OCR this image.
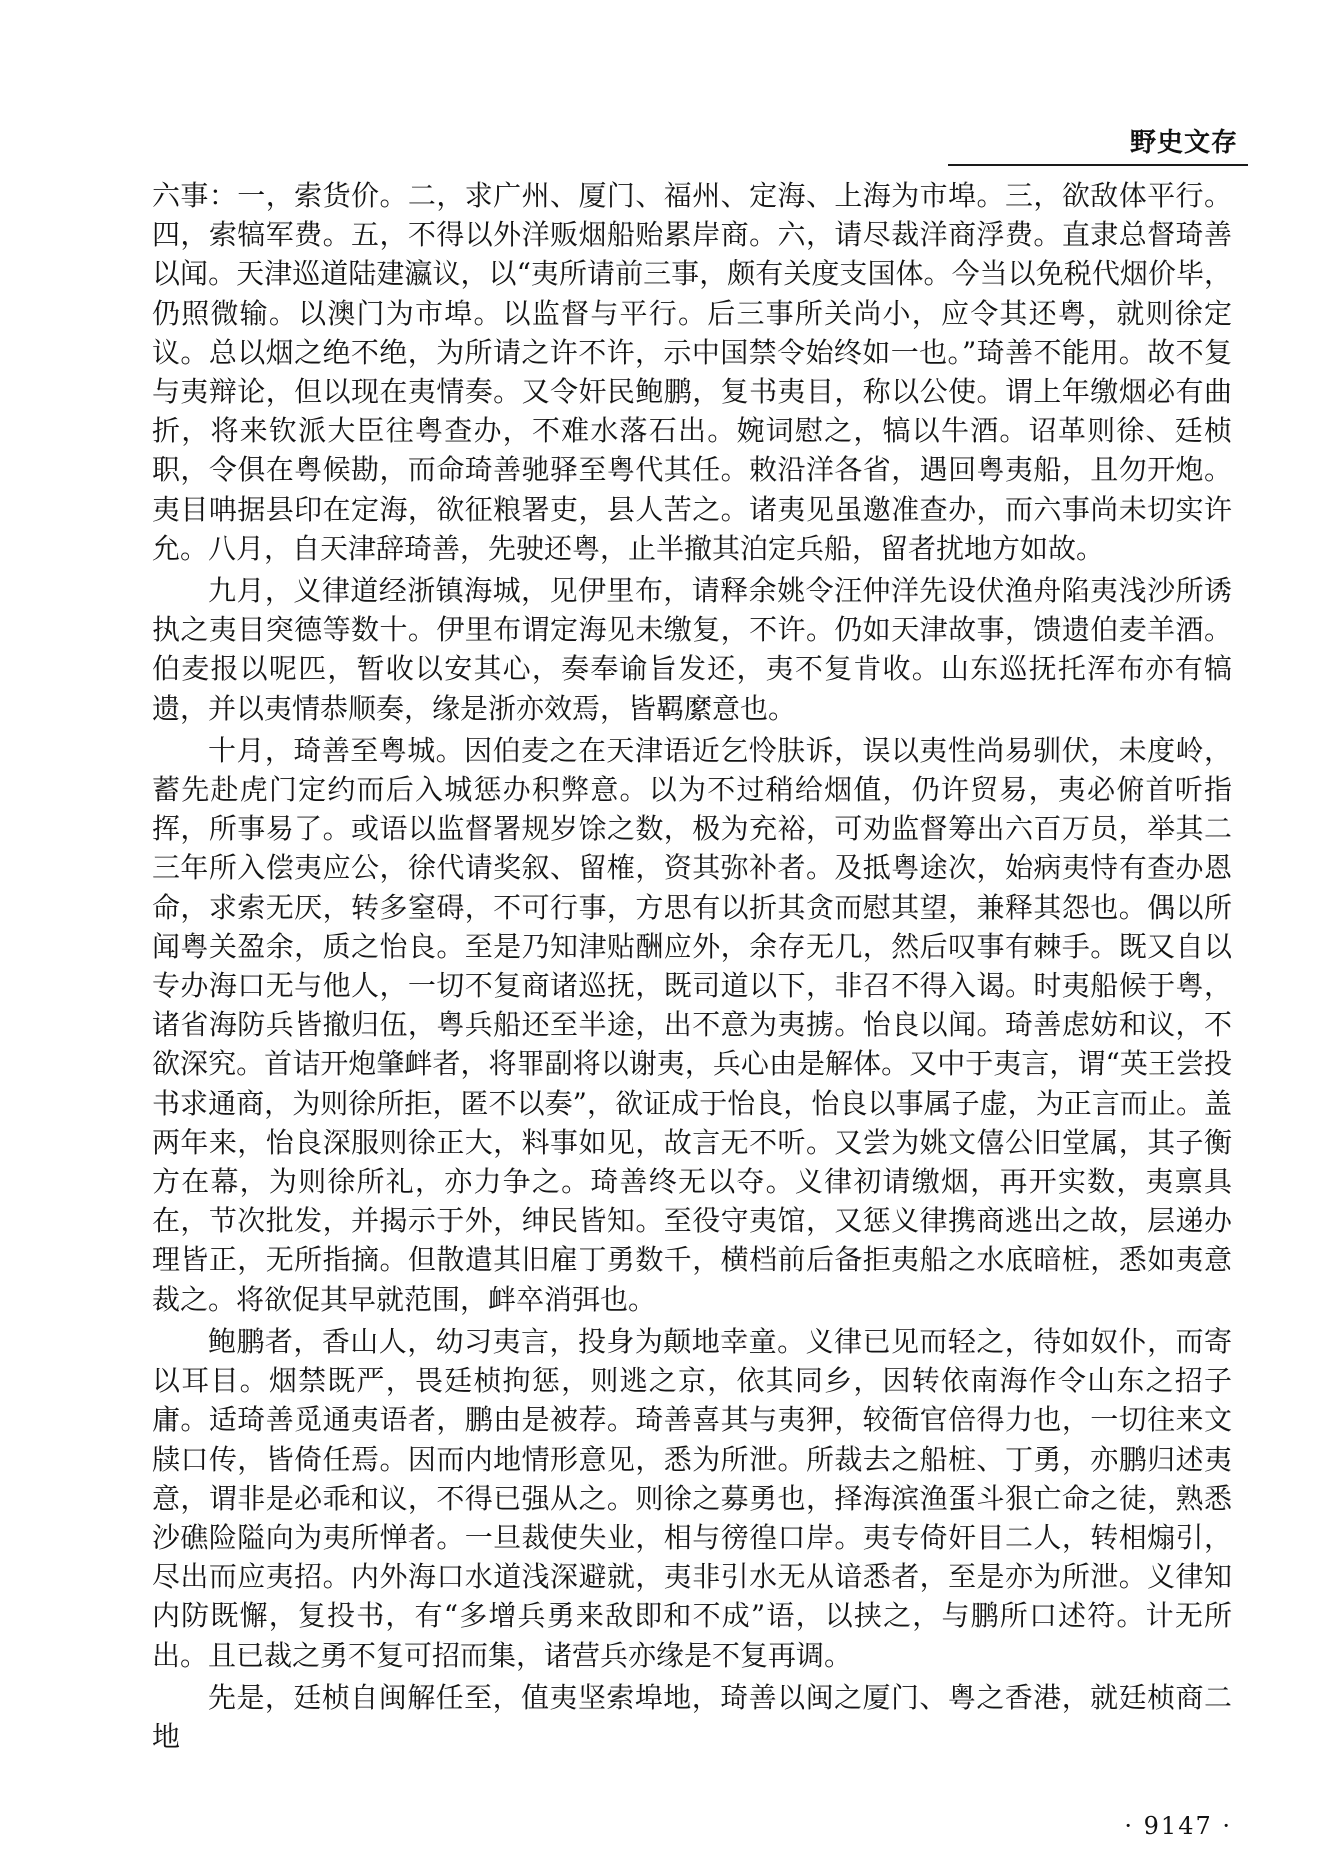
野史文存

六事：一，索货价。二，求广州、厦门、福州、定海、上海为市埠。三，欲敌体平行。四，索犒军费。五，不得以外洋贩烟船贻累岸商。六，请尽裁洋商浮费。直隶总督琦善以闻。天津巡道陆建瀛议，以“夷所请前三事，颇有关度支国体。今当以免税代烟价毕，仍照微输。以澳门为市埠。以监督与平行。后三事所关尚小，应令其还粤，就则徐定议。总以烟之绝不绝，为所请之许不许，示中国禁令始终如一也。”琦善不能用。故不复与夷辩论，但以现在夷情奏。又令奸民鲍鹏，复书夷目，称以公使。谓上年缴烟必有曲折，将来钦派大臣往粤查办，不难水落石出。婉词慰之，犒以牛酒。诏革则徐、廷桢职，令俱在粤候勘，而命琦善驰驿至粤代其任。敕沿洋各省，遇回粤夷船，且勿开炮。夷目呥据县印在定海，欲征粮署吏，县人苦之。诸夷见虽邀准查办，而六事尚未切实许允。八月，自天津辞琦善，先驶还粤，止半撤其泊定兵船，留者扰地方如故。

九月，义律道经浙镇海城，见伊里布，请释余姚令汪仲洋先设伏渔舟陷夷浅沙所诱执之夷目突德等数十。伊里布谓定海见未缴复，不许。仍如天津故事，馈遗伯麦羊酒。伯麦报以呢匹，暂收以安其心，奏奉谕旨发还，夷不复肯收。山东巡抚托浑布亦有犒遗，并以夷情恭顺奏，缘是浙亦效焉，皆羁縻意也。

十月，琦善至粤城。因伯麦之在天津语近乞怜肤诉，误以夷性尚易驯伏，未度岭，蓄先赴虎门定约而后入城惩办积弊意。以为不过稍给烟值，仍许贸易，夷必俯首听指挥，所事易了。或语以监督署规岁馀之数，极为充裕，可劝监督筹出六百万员，举其二三年所入偿夷应公，徐代请奖叙、留榷，资其弥补者。及抵粤途次，始病夷恃有查办恩命，求索无厌，转多窒碍，不可行事，方思有以折其贪而慰其望，兼释其怨也。偶以所闻粤关盈余，质之怡良。至是乃知津贴酬应外，余存无几，然后叹事有棘手。既又自以专办海口无与他人，一切不复商诸巡抚，既司道以下，非召不得入谒。时夷船候于粤，诸省海防兵皆撤归伍，粤兵船还至半途，出不意为夷掳。怡良以闻。琦善虑妨和议，不欲深究。首诘开炮肇衅者，将罪副将以谢夷，兵心由是解体。又中于夷言，谓“英王尝投书求通商，为则徐所拒，匿不以奏”，欲证成于怡良，怡良以事属子虚，为正言而止。盖两年来，怡良深服则徐正大，料事如见，故言无不听。又尝为姚文僖公旧堂属，其子衡方在幕，为则徐所礼，亦力争之。琦善终无以夺。义律初请缴烟，再开实数，夷禀具在，节次批发，并揭示于外，绅民皆知。至役守夷馆，又惩义律携商逃出之故，层递办理皆正，无所指摘。但散遣其旧雇丁勇数千，横档前后备拒夷船之水底暗桩，悉如夷意裁之。将欲促其早就范围，衅卒消弭也。

鲍鹏者，香山人，幼习夷言，投身为颠地幸童。义律已见而轻之，待如奴仆，而寄以耳目。烟禁既严，畏廷桢拘惩，则逃之京，依其同乡，因转依南海作令山东之招子庸。适琦善觅通夷语者，鹏由是被荐。琦善喜其与夷狎，较衙官倍得力也，一切往来文牍口传，皆倚任焉。因而内地情形意见，悉为所泄。所裁去之船桩、丁勇，亦鹏归述夷意，谓非是必乖和议，不得已强从之。则徐之募勇也，择海滨渔蛋斗狠亡命之徒，熟悉沙礁险隘向为夷所惮者。一旦裁使失业，相与徬徨口岸。夷专倚奸目二人，转相煽引，尽出而应夷招。内外海口水道浅深避就，夷非引水无从谙悉者，至是亦为所泄。义律知内防既懈，复投书，有“多增兵勇来敌即和不成”语，以挟之，与鹏所口述符。计无所出。且已裁之勇不复可招而集，诸营兵亦缘是不复再调。

先是，廷桢自闽解任至，值夷坚索埠地，琦善以闽之厦门、粤之香港，就廷桢商二地

· 9147 ·
